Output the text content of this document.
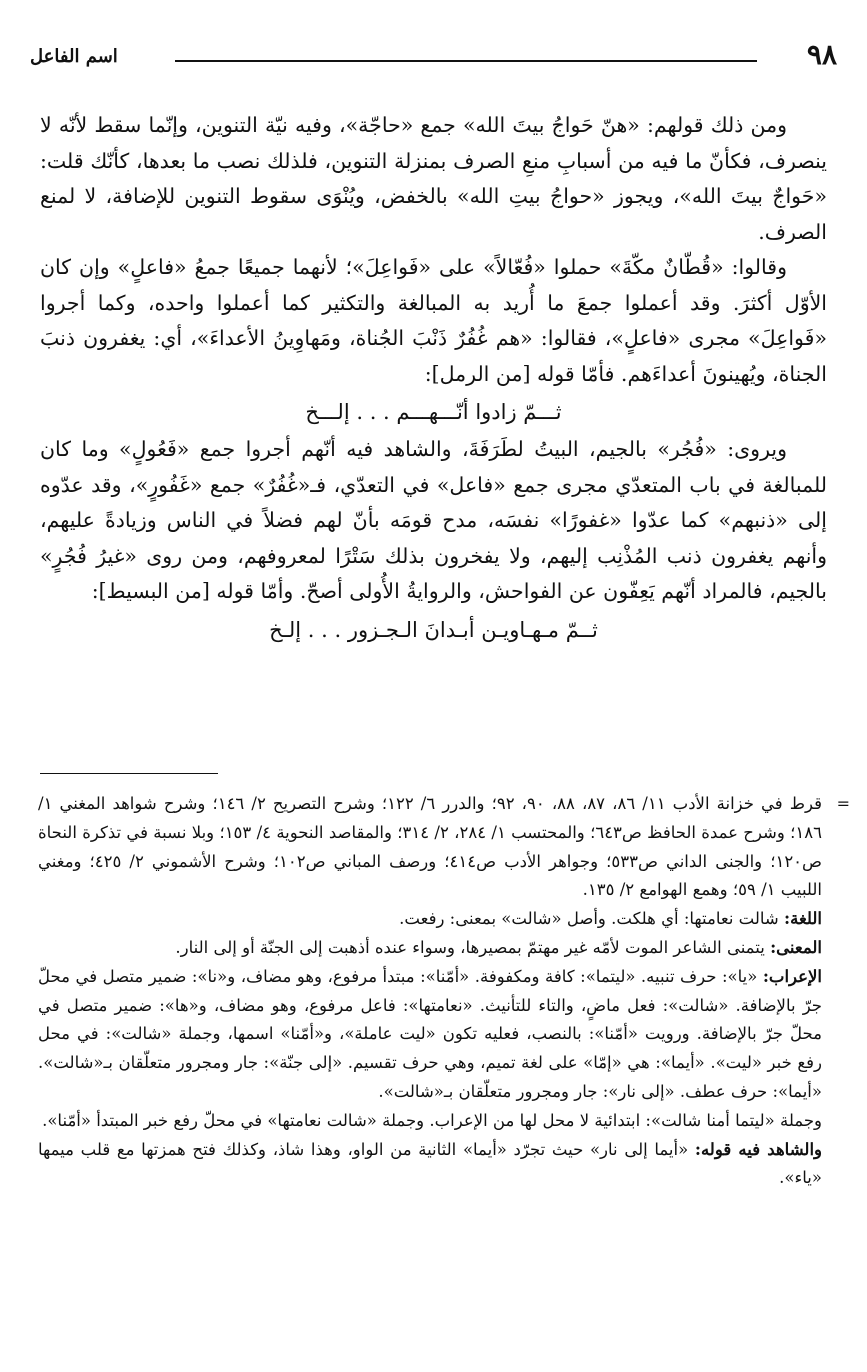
٩٨
اسم الفاعل

ومن ذلك قولهم: «هنّ حَواجُ بيتَ الله» جمع «حاجّة»، وفيه نيّة التنوين، وإنّما سقط لأنّه لا ينصرف، فكأنّ ما فيه من أسبابِ منعِ الصرف بمنزلة التنوين، فلذلك نصب ما بعدها، كأنّك قلت: «حَواجٌ بيتَ الله»، ويجوز «حواجُ بيتِ الله» بالخفض، ويُنْوَى سقوط التنوين للإضافة، لا لمنع الصرف.

وقالوا: «قُطّانٌ مكّةَ» حملوا «فُعّالاً» على «فَواعِلَ»؛ لأنهما جميعًا جمعُ «فاعلٍ» وإن كان الأوّل أكثرَ. وقد أعملوا جمعَ ما أُريد به المبالغة والتكثير كما أعملوا واحده، وكما أجروا «فَواعِلَ» مجرى «فاعلٍ»، فقالوا: «هم غُفُرٌ ذَنْبَ الجُناة، ومَهاوِينُ الأعداءَ»، أي: يغفرون ذنبَ الجناة، ويُهينونَ أعداءَهم. فأمّا قوله [من الرمل]:

ثـــمّ زادوا أنّـــهـــم . . . إلـــخ

ويروى: «فُجُر» بالجيم، البيتُ لطَرَفَةَ، والشاهد فيه أنّهم أجروا جمع «فَعُولٍ» وما كان للمبالغة في باب المتعدّي مجرى جمع «فاعل» في التعدّي، فـ«غُفُرٌ» جمع «غَفُورٍ»، وقد عدّوه إلى «ذنبهم» كما عدّوا «غفورًا» نفسَه، مدح قومَه بأنّ لهم فضلاً في الناس وزيادةً عليهم، وأنهم يغفرون ذنب المُذْنِب إليهم، ولا يفخرون بذلك سَتْرًا لمعروفهم، ومن روى «غيرُ فُجُرٍ» بالجيم، فالمراد أنّهم يَعِفّون عن الفواحش، والروايةُ الأُولى أصحّ. وأمّا قوله [من البسيط]:

ثــمّ مـهـاويـن أبـدانَ الـجـزور . . . إلـخ

=
قرط في خزانة الأدب ١١/ ٨٦، ٨٧، ٨٨، ٩٠، ٩٢؛ والدرر ٦/ ١٢٢؛ وشرح التصريح ٢/ ١٤٦؛ وشرح شواهد المغني ١/ ١٨٦؛ وشرح عمدة الحافظ ص٦٤٣؛ والمحتسب ١/ ٢٨٤، ٢/ ٣١٤؛ والمقاصد النحوية ٤/ ١٥٣؛ وبلا نسبة في تذكرة النحاة ص١٢٠؛ والجنى الداني ص٥٣٣؛ وجواهر الأدب ص٤١٤؛ ورصف المباني ص١٠٢؛ وشرح الأشموني ٢/ ٤٢٥؛ ومغني اللبيب ١/ ٥٩؛ وهمع الهوامع ٢/ ١٣٥.

اللغة: شالت نعامتها: أي هلكت. وأصل «شالت» بمعنى: رفعت.

المعنى: يتمنى الشاعر الموت لأمّه غير مهتمّ بمصيرها، وسواء عنده أذهبت إلى الجنّة أو إلى النار.

الإعراب: «يا»: حرف تنبيه. «ليتما»: كافة ومكفوفة. «أمّنا»: مبتدأ مرفوع، وهو مضاف، و«نا»: ضمير متصل في محلّ جرّ بالإضافة. «شالت»: فعل ماضٍ، والتاء للتأنيث. «نعامتها»: فاعل مرفوع، وهو مضاف، و«ها»: ضمير متصل في محلّ جرّ بالإضافة. ورويت «أمّنا»: بالنصب، فعليه تكون «ليت عاملة»، و«أمّنا» اسمها، وجملة «شالت»: في محل رفع خبر «ليت». «أيما»: هي «إمّا» على لغة تميم، وهي حرف تقسيم. «إلى جنّة»: جار ومجرور متعلّقان بـ«شالت». «أيما»: حرف عطف. «إلى نار»: جار ومجرور متعلّقان بـ«شالت».

وجملة «ليتما أمنا شالت»: ابتدائية لا محل لها من الإعراب. وجملة «شالت نعامتها» في محلّ رفع خبر المبتدأ «أمّنا».

والشاهد فيه قوله: «أيما إلى نار» حيث تجرّد «أيما» الثانية من الواو، وهذا شاذ، وكذلك فتح همزتها مع قلب ميمها «ياء».
